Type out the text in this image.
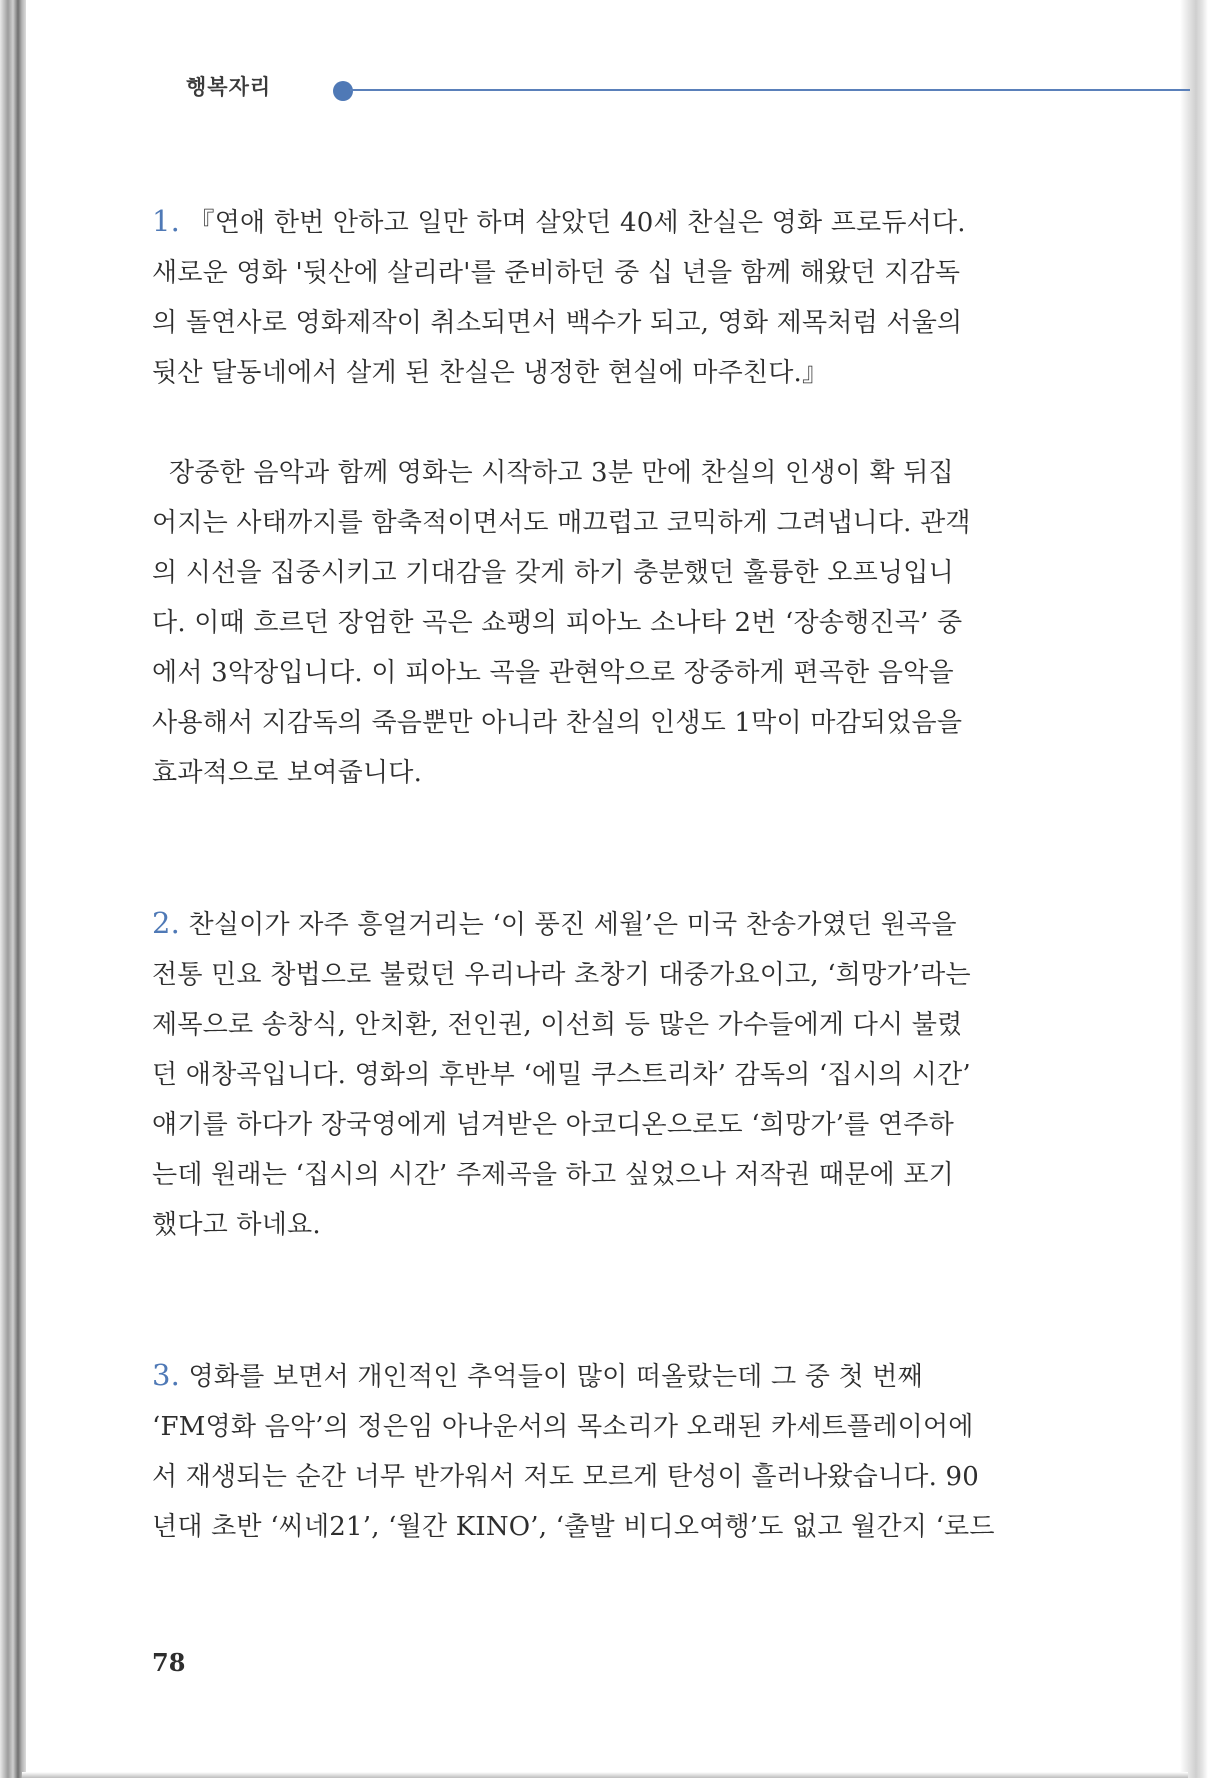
행복자리

1. 『연애 한번 안하고 일만 하며 살았던 40세 찬실은 영화 프로듀서다.

새로운 영화 '뒷산에 살리라'를 준비하던 중 십 년을 함께 해왔던 지감독

의 돌연사로 영화제작이 취소되면서 백수가 되고, 영화 제목처럼 서울의

뒷산 달동네에서 살게 된 찬실은 냉정한 현실에 마주친다.』

장중한 음악과 함께 영화는 시작하고 3분 만에 찬실의 인생이 확 뒤집

어지는 사태까지를 함축적이면서도 매끄럽고 코믹하게 그려냅니다. 관객

의 시선을 집중시키고 기대감을 갖게 하기 충분했던 훌륭한 오프닝입니

다. 이때 흐르던 장엄한 곡은 쇼팽의 피아노 소나타 2번 ‘장송행진곡’ 중

에서 3악장입니다. 이 피아노 곡을 관현악으로 장중하게 편곡한 음악을

사용해서 지감독의 죽음뿐만 아니라 찬실의 인생도 1막이 마감되었음을

효과적으로 보여줍니다.

2. 찬실이가 자주 흥얼거리는 ‘이 풍진 세월’은 미국 찬송가였던 원곡을

전통 민요 창법으로 불렀던 우리나라 초창기 대중가요이고, ‘희망가’라는

제목으로 송창식, 안치환, 전인권, 이선희 등 많은 가수들에게 다시 불렸

던 애창곡입니다. 영화의 후반부 ‘에밀 쿠스트리차’ 감독의 ‘집시의 시간’

얘기를 하다가 장국영에게 넘겨받은 아코디온으로도 ‘희망가’를 연주하

는데 원래는 ‘집시의 시간’ 주제곡을 하고 싶었으나 저작권 때문에 포기

했다고 하네요.

3. 영화를 보면서 개인적인 추억들이 많이 떠올랐는데 그 중 첫 번째

‘FM영화 음악’의 정은임 아나운서의 목소리가 오래된 카세트플레이어에

서 재생되는 순간 너무 반가워서 저도 모르게 탄성이 흘러나왔습니다. 90

년대 초반 ‘씨네21’, ‘월간 KINO’, ‘출발 비디오여행’도 없고 월간지 ‘로드

78
